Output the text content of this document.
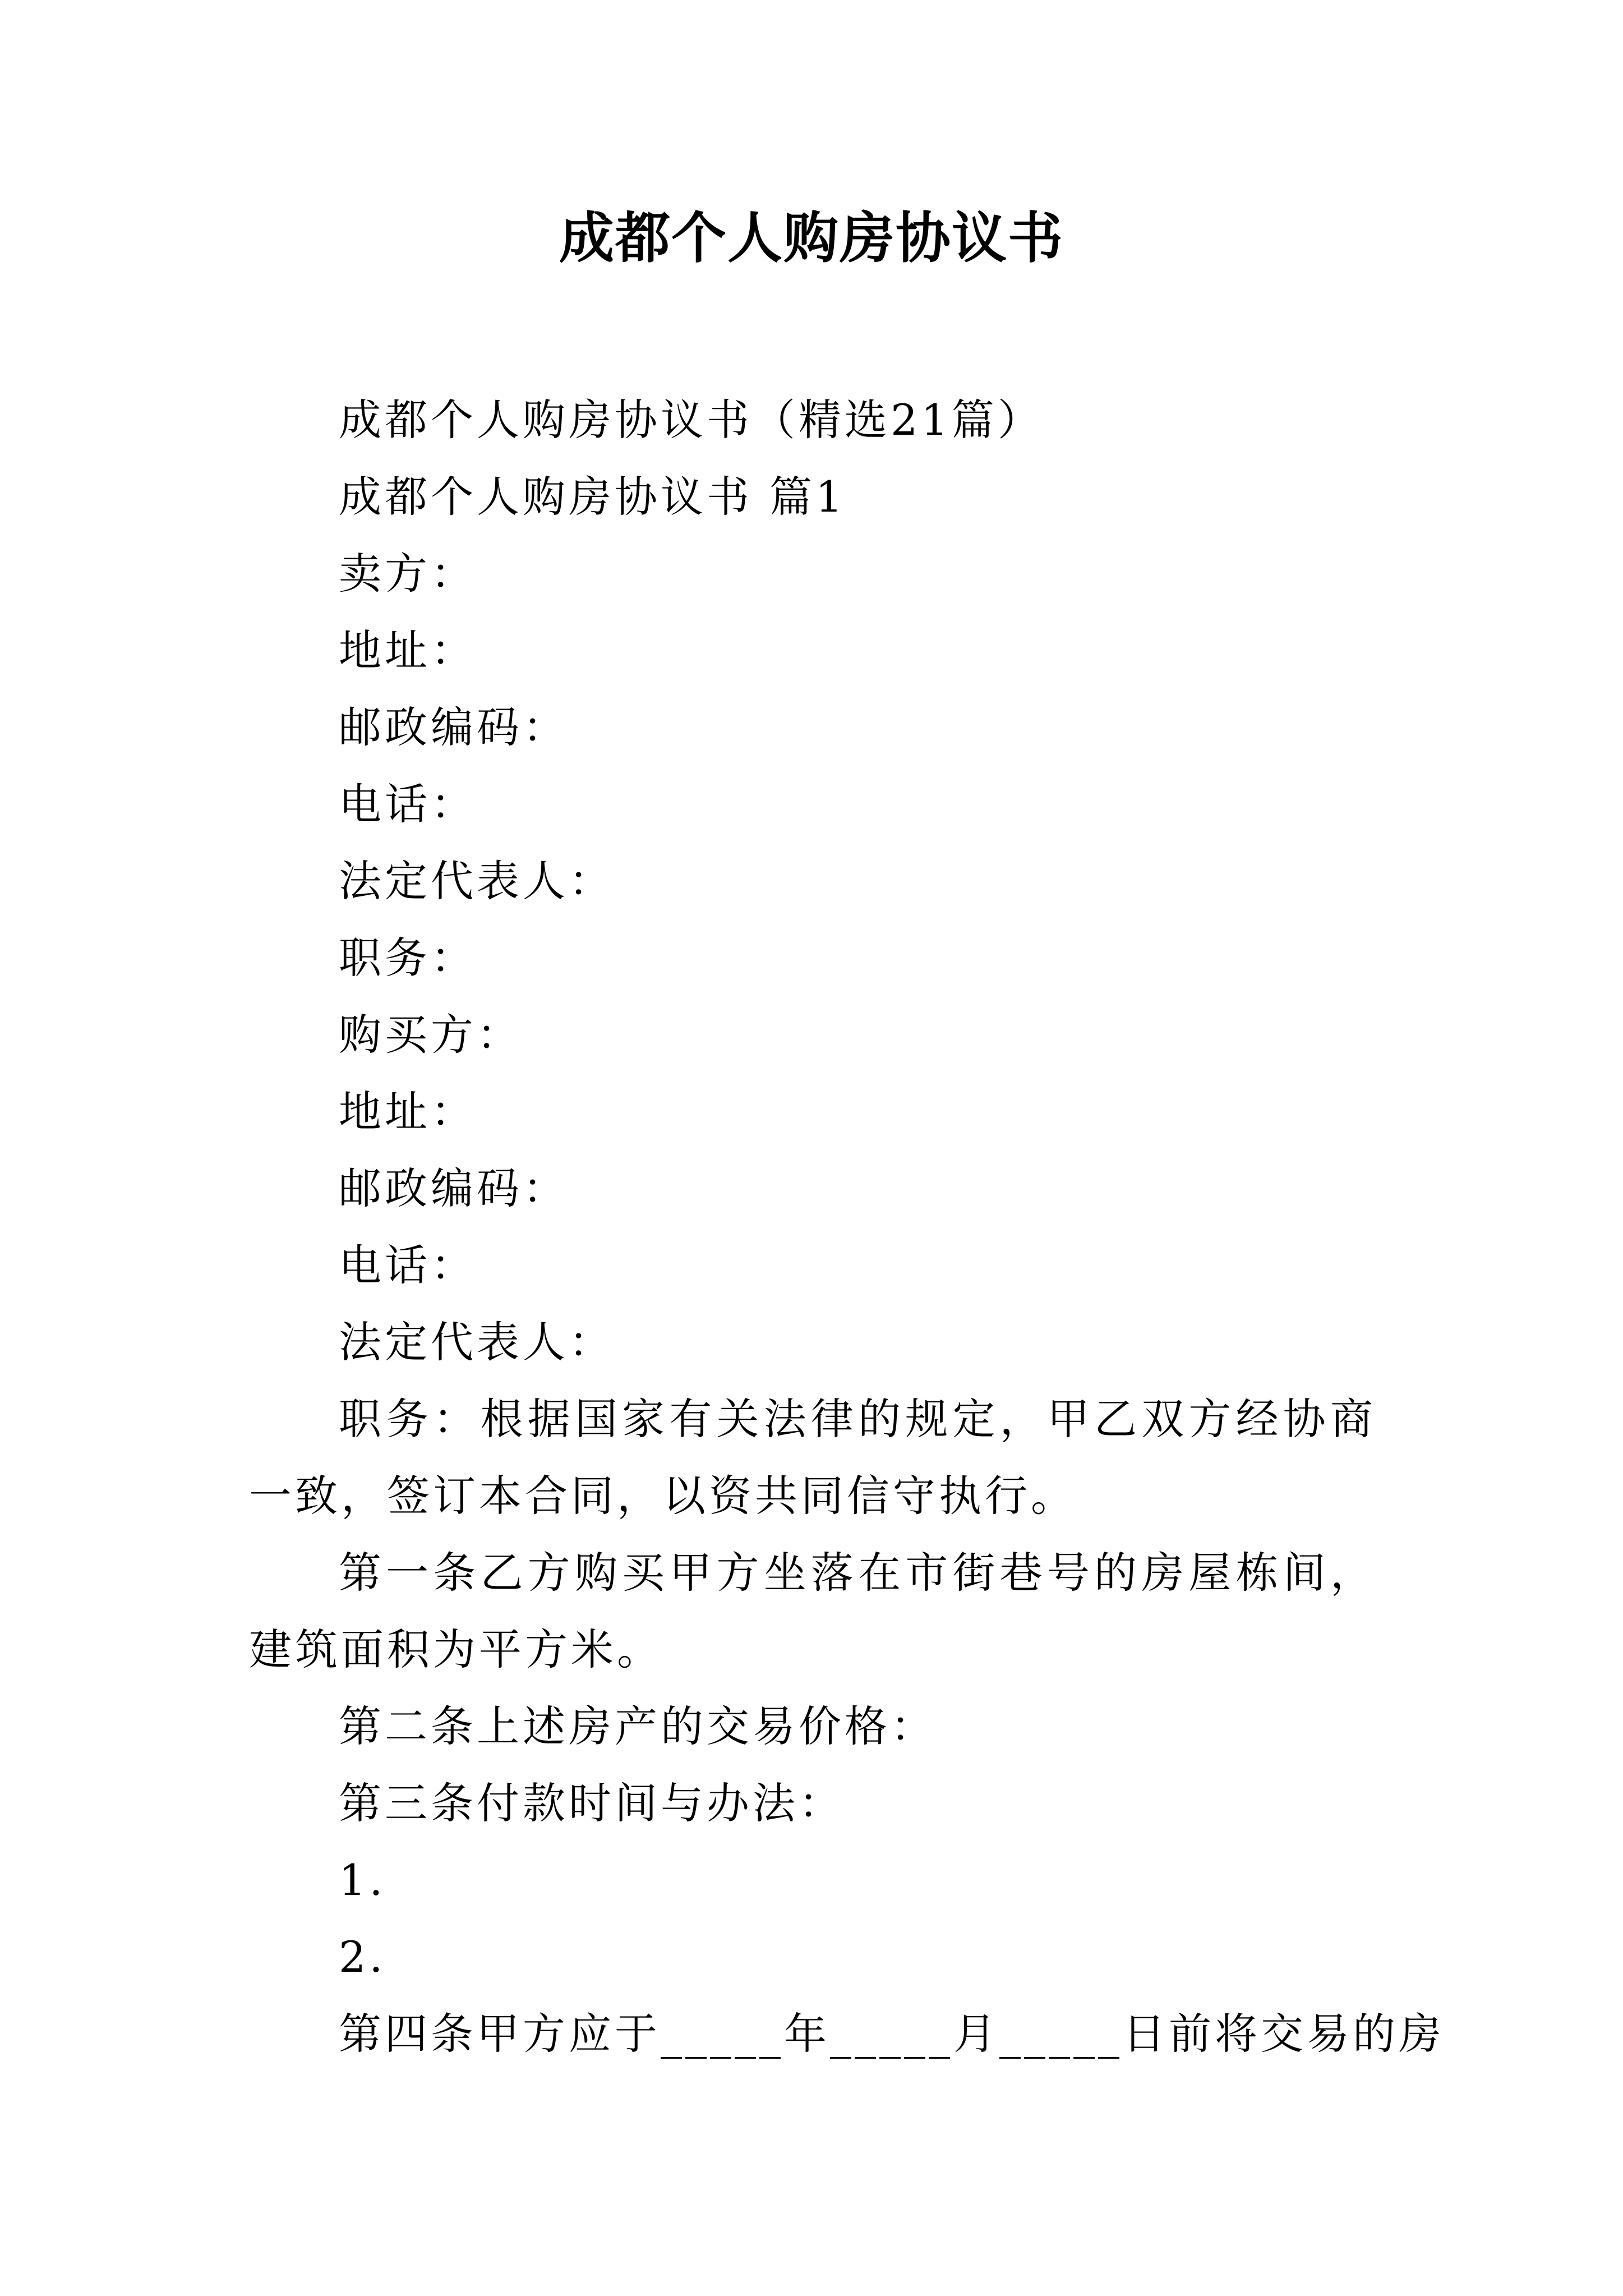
成都个人购房协议书

成都个人购房协议书（精选21篇）

成都个人购房协议书 篇1

卖方：

地址：

邮政编码：

电话：

法定代表人：

职务：

购买方：

地址：

邮政编码：

电话：

法定代表人：

职务：根据国家有关法律的规定，甲乙双方经协商一致，签订本合同，以资共同信守执行。

第一条乙方购买甲方坐落在市街巷号的房屋栋间，建筑面积为平方米。

第二条上述房产的交易价格：

第三条付款时间与办法：

1.

2.

第四条甲方应于_____年_____月_____日前将交易的房
